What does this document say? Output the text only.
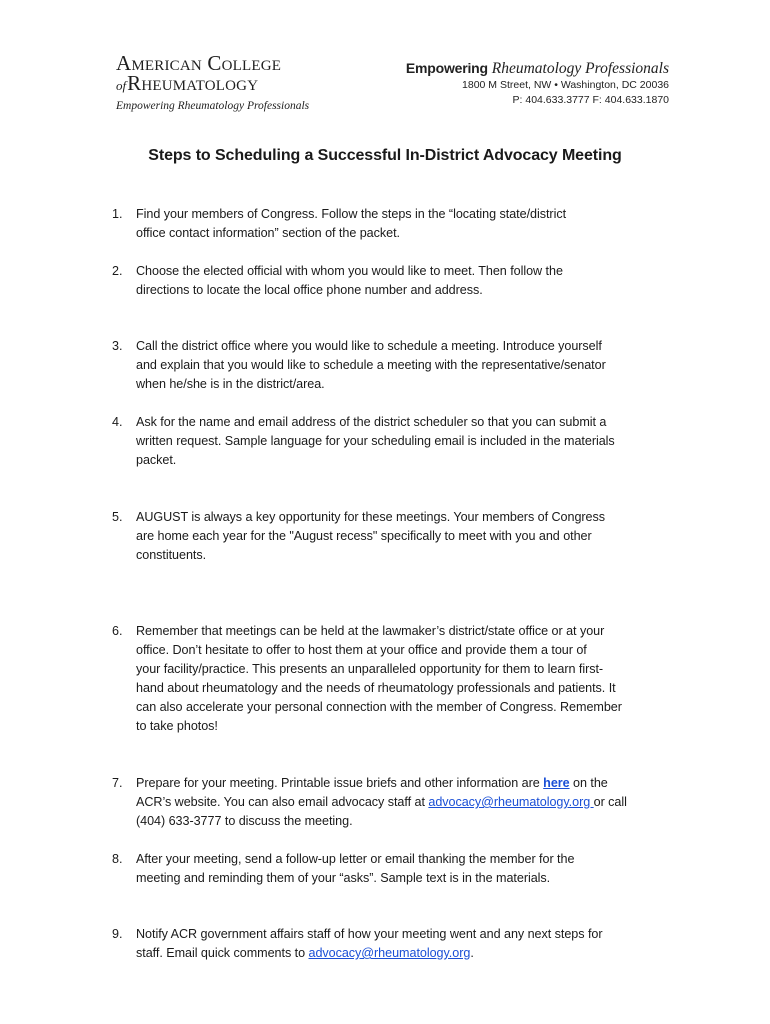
American College
ofRheumatology
Empowering Rheumatology Professionals
Empowering Rheumatology Professionals
1800 M Street, NW • Washington, DC 20036
P: 404.633.3777 F: 404.633.1870
Steps to Scheduling a Successful In-District Advocacy Meeting
1. Find your members of Congress. Follow the steps in the “locating state/district
office contact information” section of the packet.
2. Choose the elected official with whom you would like to meet. Then follow the
directions to locate the local office phone number and address.
3. Call the district office where you would like to schedule a meeting. Introduce yourself
and explain that you would like to schedule a meeting with the representative/senator
when he/she is in the district/area.
4. Ask for the name and email address of the district scheduler so that you can submit a
written request. Sample language for your scheduling email is included in the materials
packet.
5. AUGUST is always a key opportunity for these meetings. Your members of Congress
are home each year for the "August recess" specifically to meet with you and other
constituents.
6. Remember that meetings can be held at the lawmaker’s district/state office or at your
office. Don’t hesitate to offer to host them at your office and provide them a tour of
your facility/practice. This presents an unparalleled opportunity for them to learn first-
hand about rheumatology and the needs of rheumatology professionals and patients. It
can also accelerate your personal connection with the member of Congress. Remember
to take photos!
7. Prepare for your meeting. Printable issue briefs and other information are here on the
ACR’s website. You can also email advocacy staff at advocacy@rheumatology.org or call
(404) 633-3777 to discuss the meeting.
8. After your meeting, send a follow-up letter or email thanking the member for the
meeting and reminding them of your “asks”. Sample text is in the materials.
9. Notify ACR government affairs staff of how your meeting went and any next steps for
staff. Email quick comments to advocacy@rheumatology.org.
